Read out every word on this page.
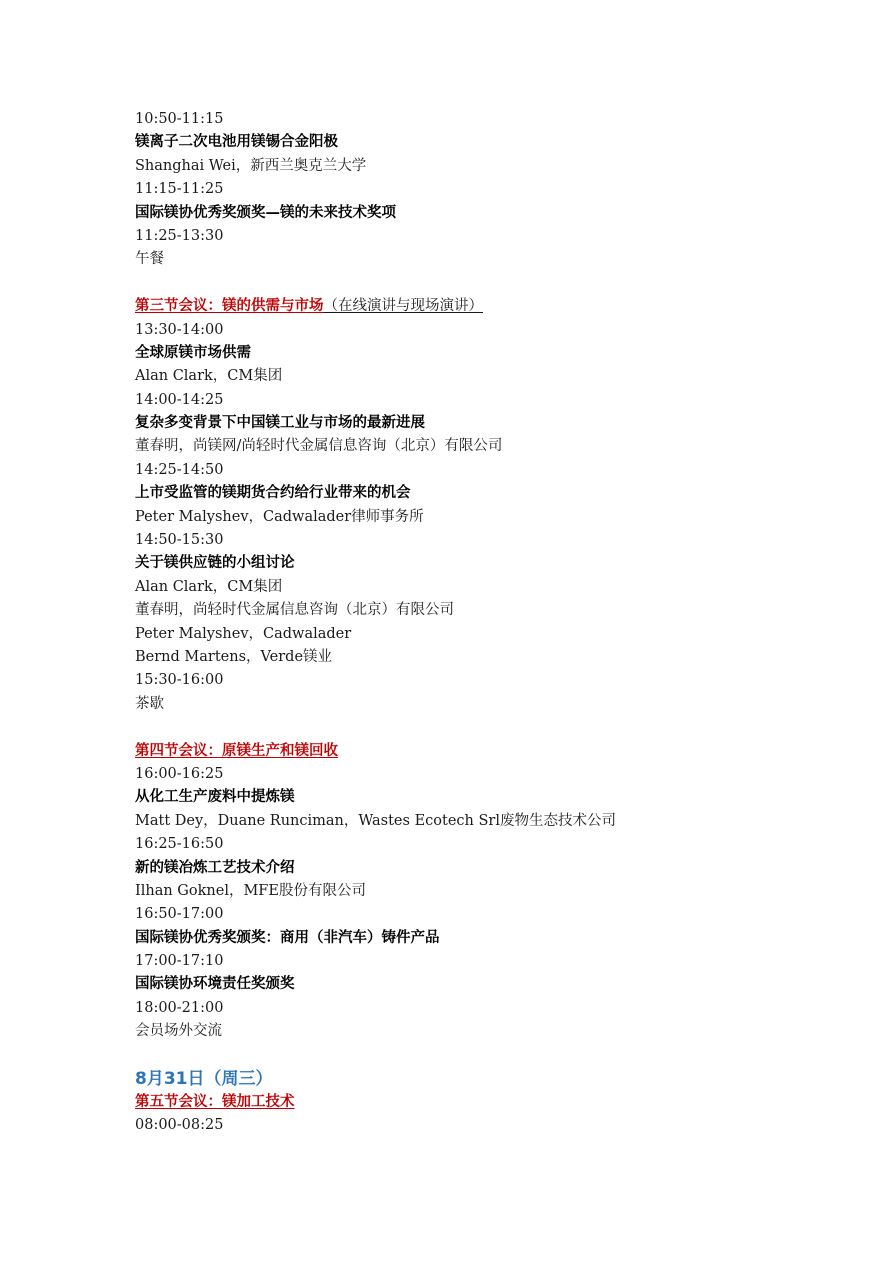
10:50-11:15
镁离子二次电池用镁锡合金阳极
Shanghai Wei，新西兰奥克兰大学
11:15-11:25
国际镁协优秀奖颁奖—镁的未来技术奖项
11:25-13:30
午餐
第三节会议：镁的供需与市场（在线演讲与现场演讲）
13:30-14:00
全球原镁市场供需
Alan Clark，CM集团
14:00-14:25
复杂多变背景下中国镁工业与市场的最新进展
董春明，尚镁网/尚轻时代金属信息咨询（北京）有限公司
14:25-14:50
上市受监管的镁期货合约给行业带来的机会
Peter Malyshev，Cadwalader律师事务所
14:50-15:30
关于镁供应链的小组讨论
Alan Clark，CM集团
董春明，尚轻时代金属信息咨询（北京）有限公司
Peter Malyshev，Cadwalader
Bernd Martens，Verde镁业
15:30-16:00
茶歇
第四节会议：原镁生产和镁回收
16:00-16:25
从化工生产废料中提炼镁
Matt Dey，Duane Runciman，Wastes Ecotech Srl废物生态技术公司
16:25-16:50
新的镁冶炼工艺技术介绍
Ilhan Goknel，MFE股份有限公司
16:50-17:00
国际镁协优秀奖颁奖：商用（非汽车）铸件产品
17:00-17:10
国际镁协环境责任奖颁奖
18:00-21:00
会员场外交流
8月31日（周三）
第五节会议：镁加工技术
08:00-08:25
